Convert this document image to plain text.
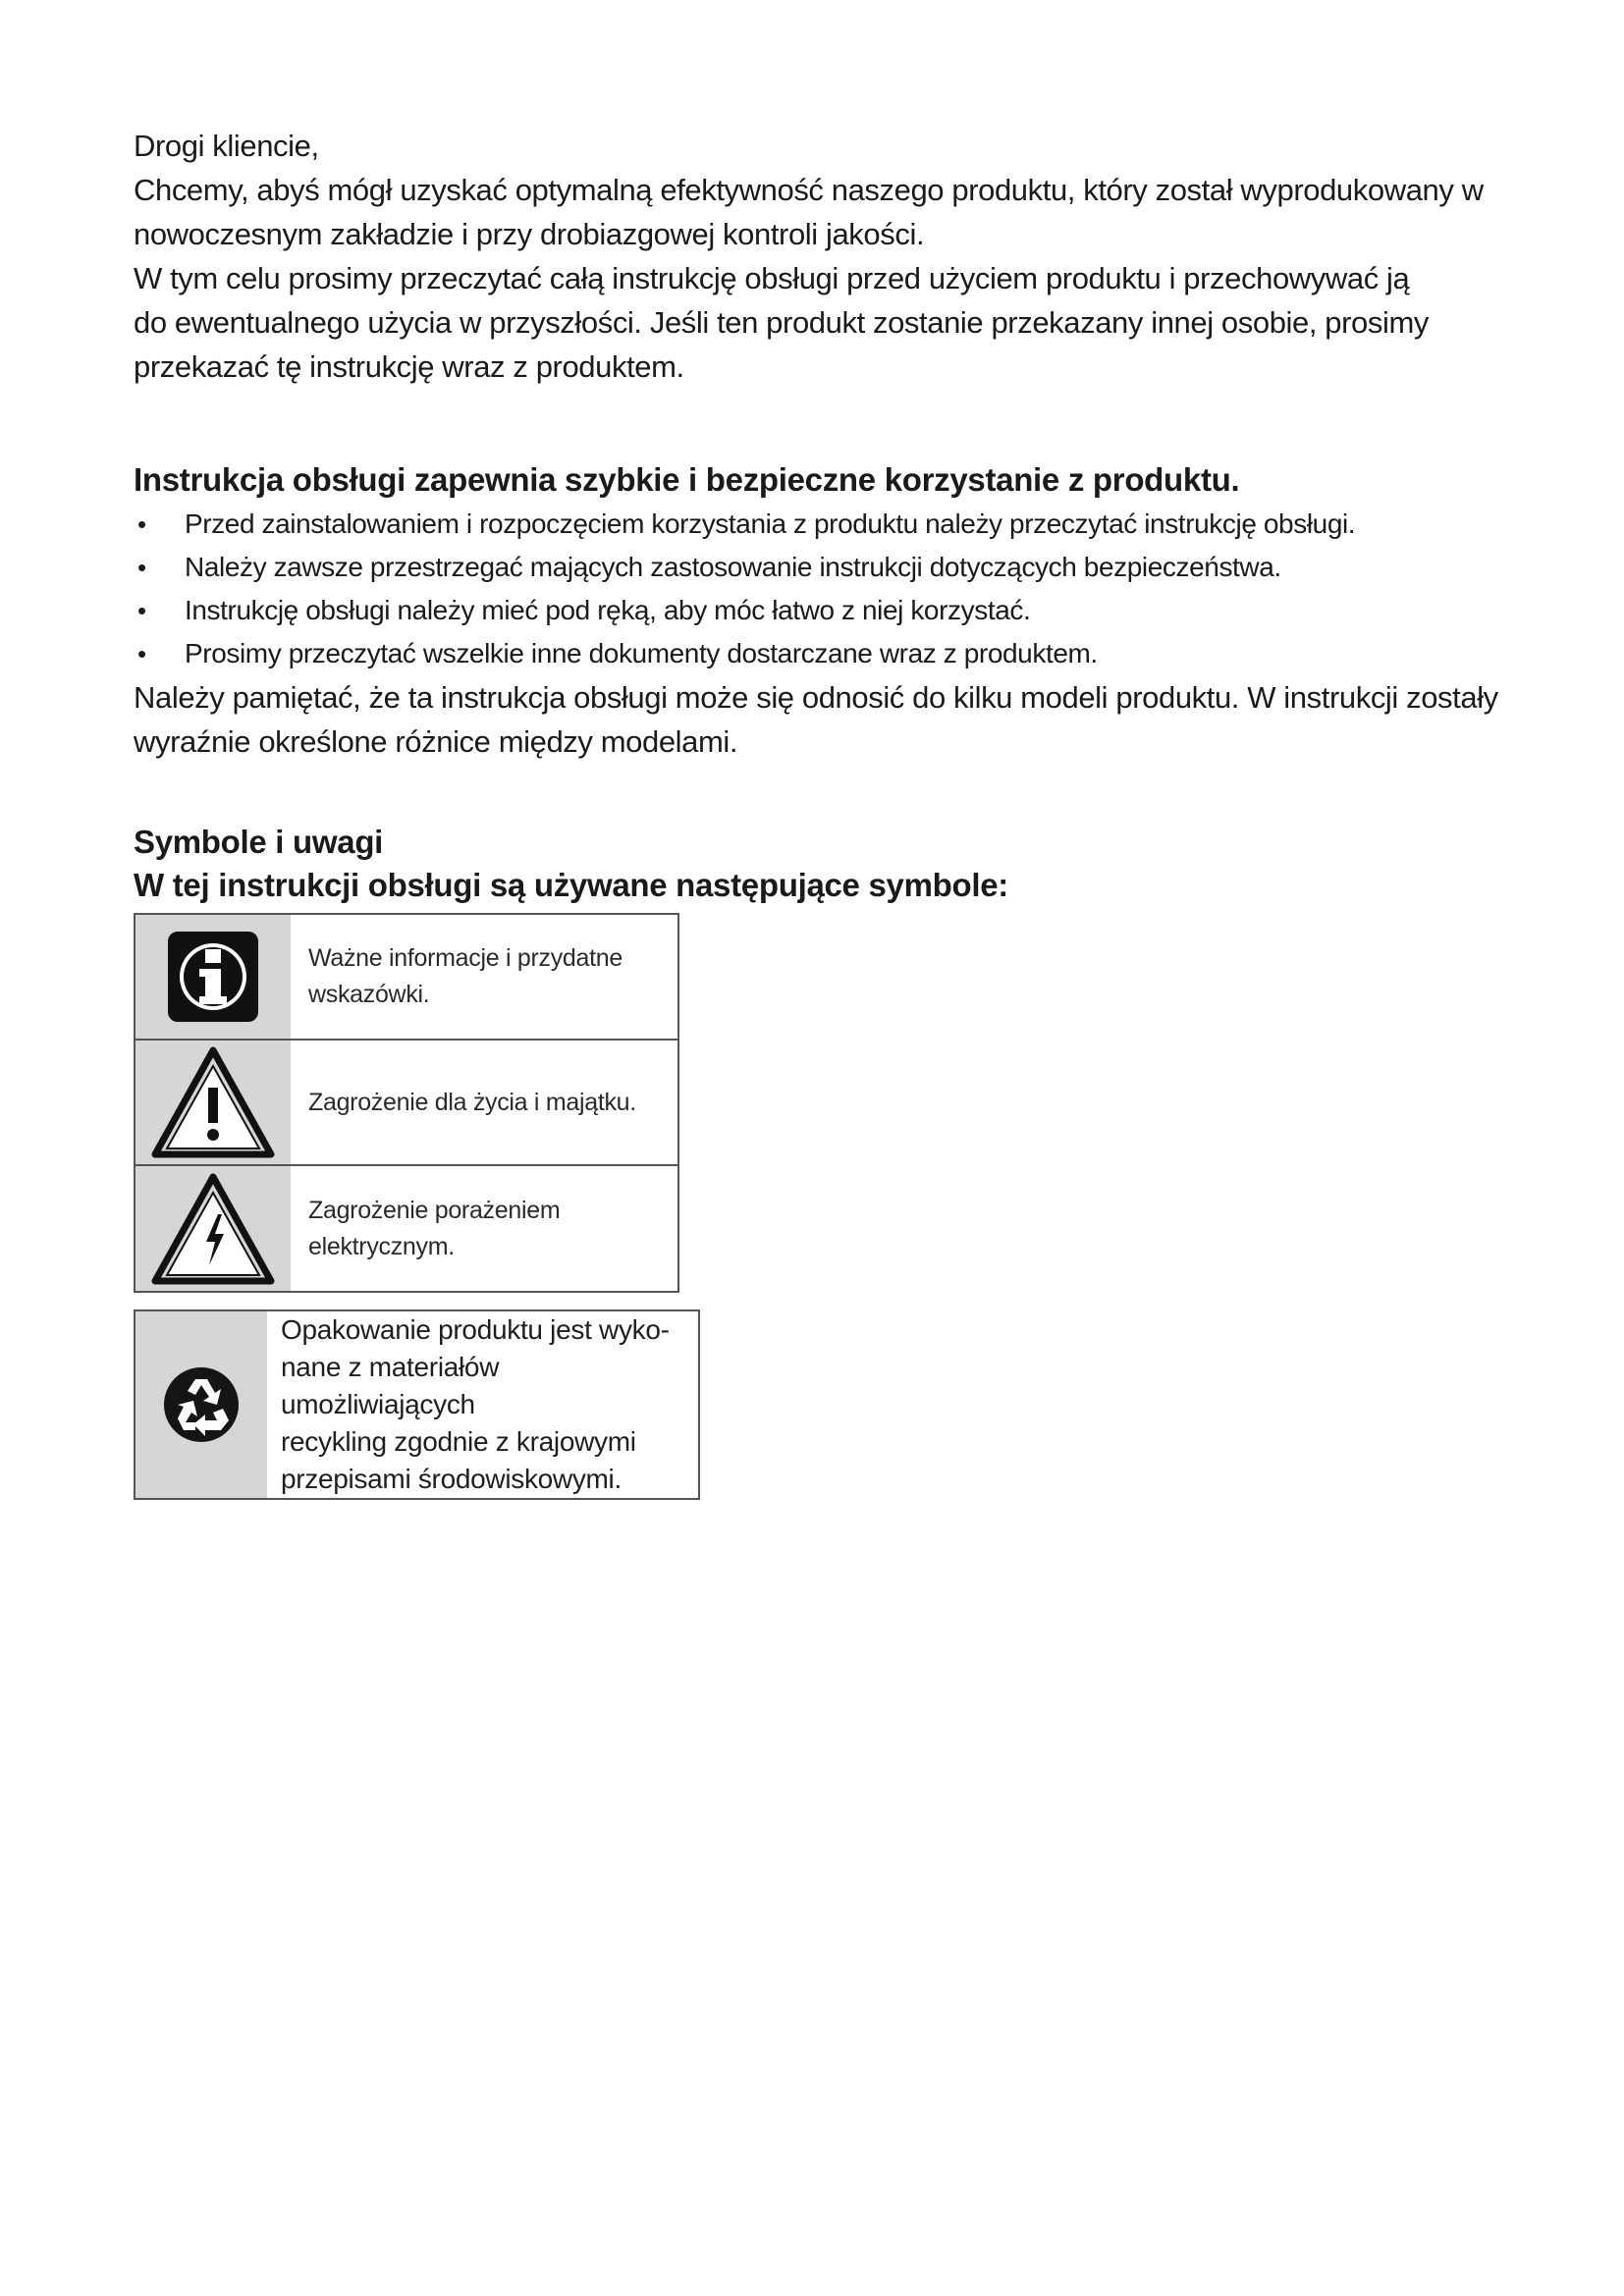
Drogi kliencie,

Chcemy, abyś mógł uzyskać optymalną efektywność naszego produktu, który został wyprodukowany w
nowoczesnym zakładzie i przy drobiazgowej kontroli jakości.

W tym celu prosimy przeczytać całą instrukcję obsługi przed użyciem produktu i przechowywać ją
do ewentualnego użycia w przyszłości. Jeśli ten produkt zostanie przekazany innej osobie, prosimy
przekazać tę instrukcję wraz z produktem.

Instrukcja obsługi zapewnia szybkie i bezpieczne korzystanie z produktu.

• Przed zainstalowaniem i rozpoczęciem korzystania z produktu należy przeczytać instrukcję obsługi.
• Należy zawsze przestrzegać mających zastosowanie instrukcji dotyczących bezpieczeństwa.
• Instrukcję obsługi należy mieć pod ręką, aby móc łatwo z niej korzystać.
• Prosimy przeczytać wszelkie inne dokumenty dostarczane wraz z produktem.

Należy pamiętać, że ta instrukcja obsługi może się odnosić do kilku modeli produktu. W instrukcji zostały
wyraźnie określone różnice między modelami.

Symbole i uwagi

W tej instrukcji obsługi są używane następujące symbole:

Ważne informacje i przydatne
wskazówki.
Zagrożenie dla życia i majątku.
Zagrożenie porażeniem
elektrycznym.
Opakowanie produktu jest wyko-
nane z materiałów umożliwiających
recykling zgodnie z krajowymi
przepisami środowiskowymi.
